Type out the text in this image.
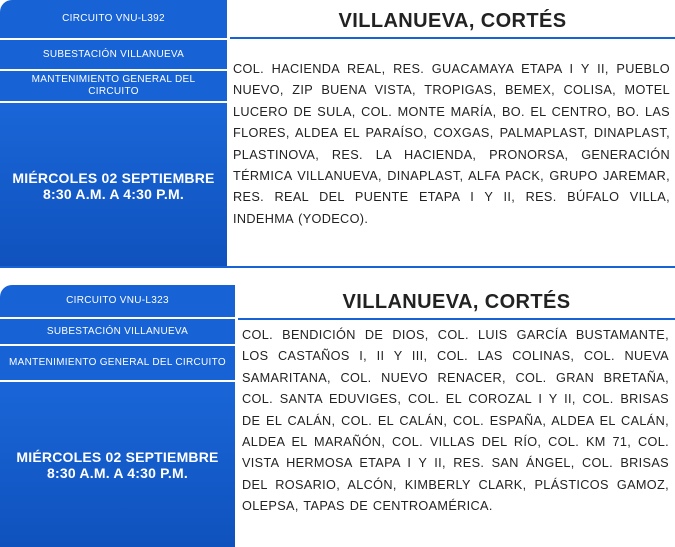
CIRCUITO VNU-L392
SUBESTACIÓN VILLANUEVA
MANTENIMIENTO GENERAL DEL CIRCUITO
MIÉRCOLES 02 SEPTIEMBRE
8:30 A.M. A 4:30 P.M.
VILLANUEVA, CORTÉS
COL. HACIENDA REAL, RES. GUACAMAYA ETAPA I Y II, PUEBLO NUEVO, ZIP BUENA VISTA, TROPIGAS, BEMEX, COLISA, MOTEL LUCERO DE SULA, COL. MONTE MARÍA, BO. EL CENTRO, BO. LAS FLORES, ALDEA EL PARAÍSO, COXGAS, PALMAPLAST, DINAPLAST, PLASTINOVA, RES. LA HACIENDA, PRONORSA, GENERACIÓN TÉRMICA VILLANUEVA, DINAPLAST, ALFA PACK, GRUPO JAREMAR, RES. REAL DEL PUENTE ETAPA I Y II, RES. BÚFALO VILLA, INDEHMA (YODECO).
CIRCUITO VNU-L323
SUBESTACIÓN VILLANUEVA
MANTENIMIENTO GENERAL DEL CIRCUITO
MIÉRCOLES 02 SEPTIEMBRE
8:30 A.M. A 4:30 P.M.
VILLANUEVA, CORTÉS
COL. BENDICIÓN DE DIOS, COL. LUIS GARCÍA BUSTAMANTE, LOS CASTAÑOS I, II Y III, COL. LAS COLINAS, COL. NUEVA SAMARITANA, COL. NUEVO RENACER, COL. GRAN BRETAÑA, COL. SANTA EDUVIGES, COL. EL COROZAL I Y II, COL. BRISAS DE EL CALÁN, COL. EL CALÁN, COL. ESPAÑA, ALDEA EL CALÁN, ALDEA EL MARAÑÓN, COL. VILLAS DEL RÍO, COL. KM 71, COL. VISTA HERMOSA ETAPA I Y II, RES. SAN ÁNGEL, COL. BRISAS DEL ROSARIO, ALCÓN, KIMBERLY CLARK, PLÁSTICOS GAMOZ, OLEPSA, TAPAS DE CENTROAMÉRICA.
